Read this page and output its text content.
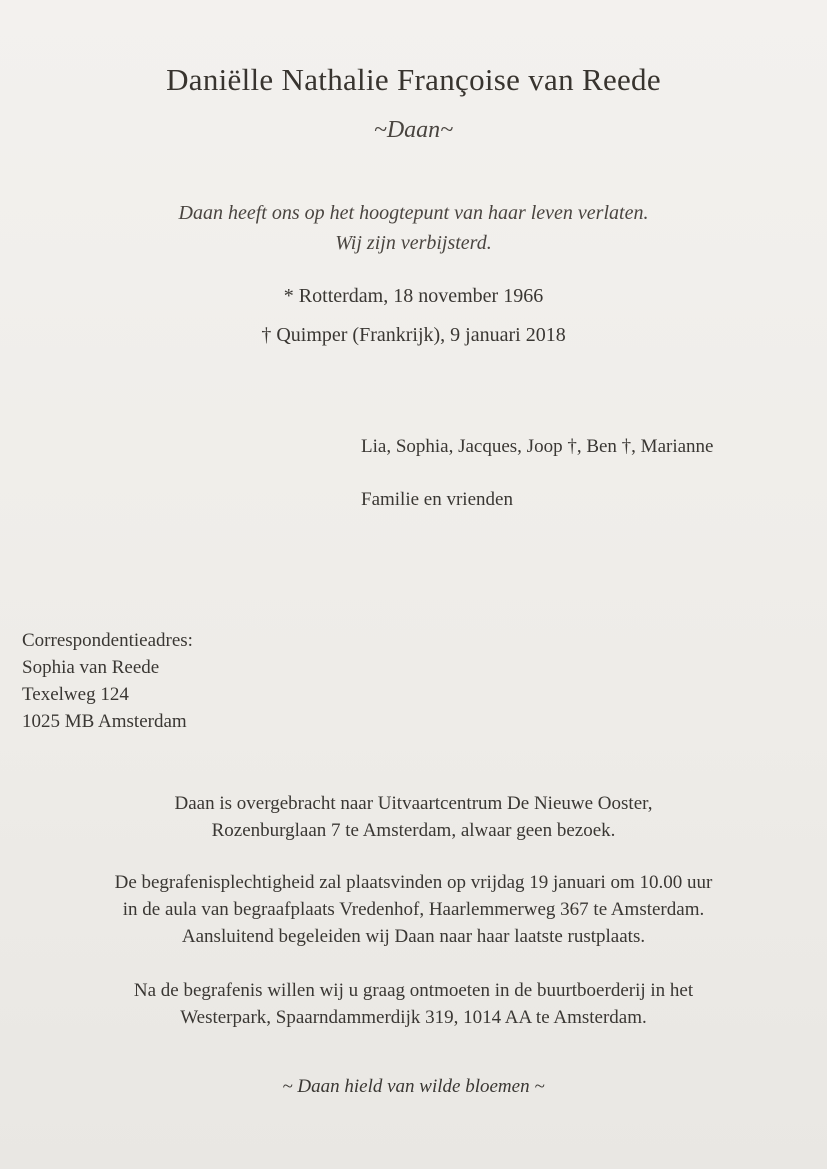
Daniëlle Nathalie Françoise van Reede
~Daan~
Daan heeft ons op het hoogtepunt van haar leven verlaten.
Wij zijn verbijsterd.
* Rotterdam, 18 november 1966
† Quimper (Frankrijk), 9 januari 2018
Lia, Sophia, Jacques, Joop †, Ben †, Marianne
Familie en vrienden
Correspondentieadres:
Sophia van Reede
Texelweg 124
1025 MB Amsterdam
Daan is overgebracht naar Uitvaartcentrum De Nieuwe Ooster,
Rozenburglaan 7 te Amsterdam, alwaar geen bezoek.
De begrafenisplechtigheid zal plaatsvinden op vrijdag 19 januari om 10.00 uur
in de aula van begraafplaats Vredenhof, Haarlemmerweg 367 te Amsterdam.
Aansluitend begeleiden wij Daan naar haar laatste rustplaats.
Na de begrafenis willen wij u graag ontmoeten in de buurtboerderij in het
Westerpark, Spaarndammerdijk 319, 1014 AA te Amsterdam.
~ Daan hield van wilde bloemen ~
